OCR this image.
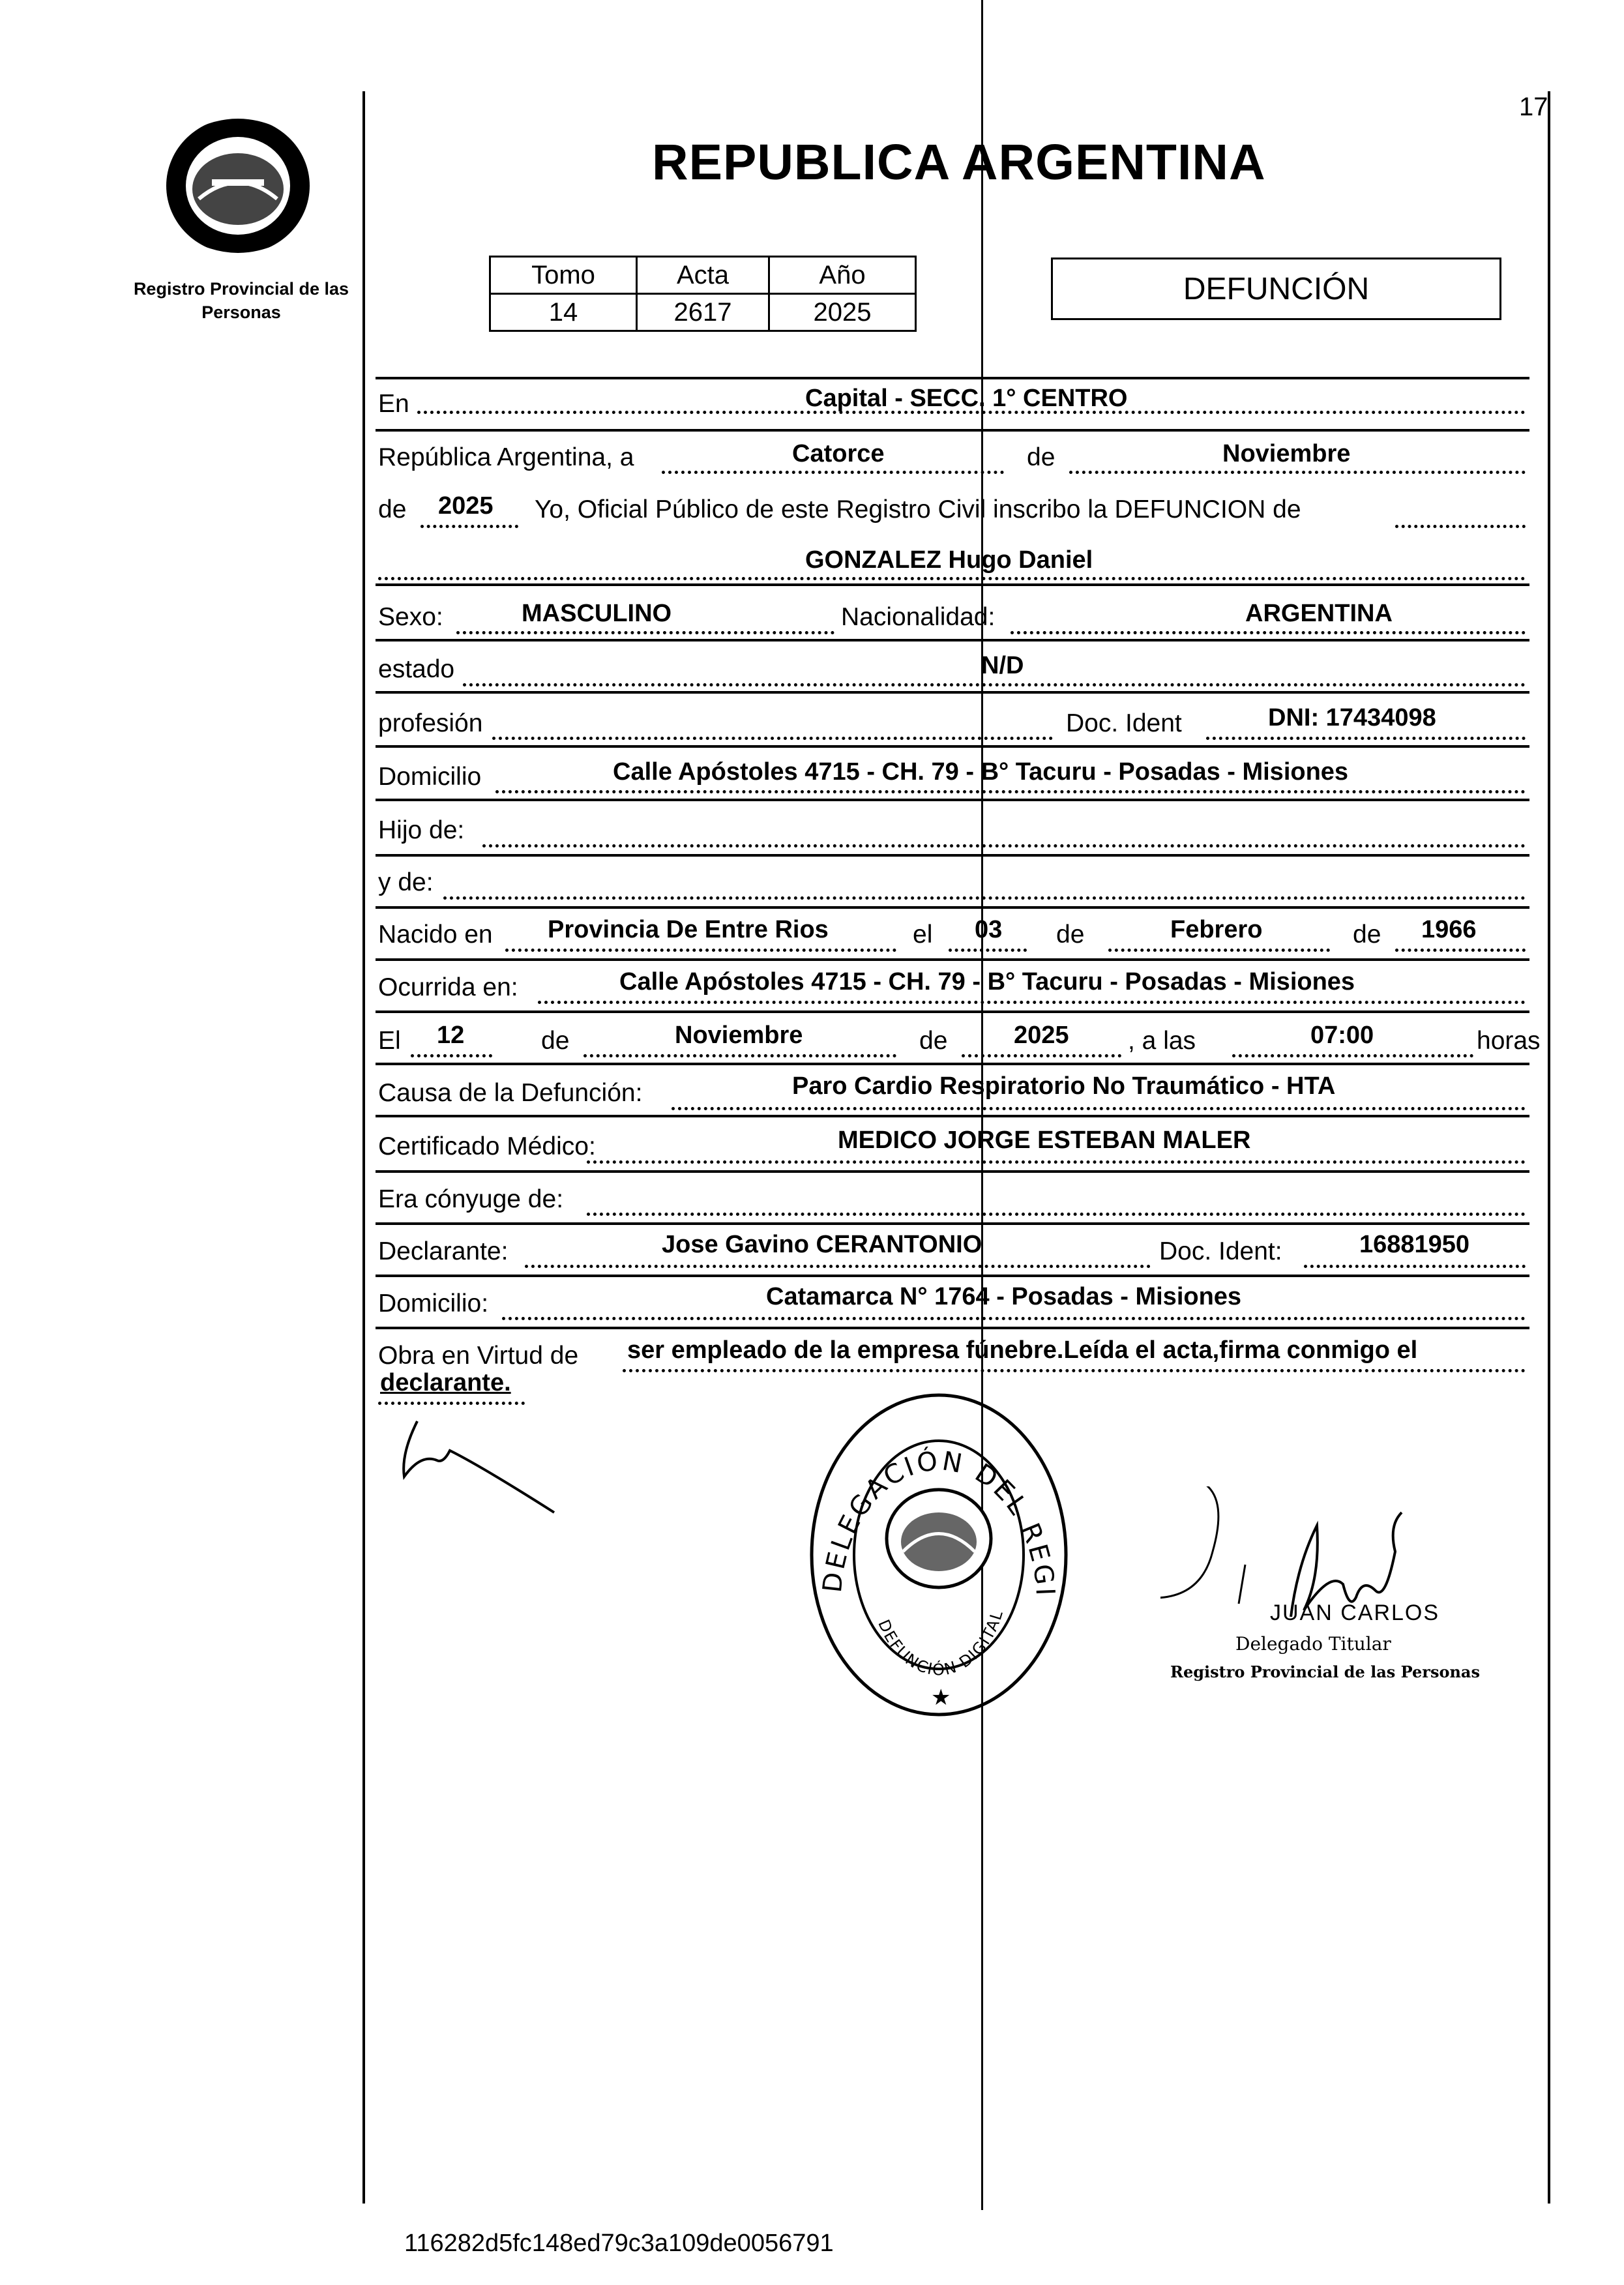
Registro Provincial de las Personas
17
REPUBLICA ARGENTINA
Tomo	Acta	Año
14	2617	2025
DEFUNCIÓN
En	Capital - SECC. 1° CENTRO
República Argentina, a	Catorce	de	Noviembre
de 2025 Yo, Oficial Público de este Registro Civil inscribo la DEFUNCION de
GONZALEZ Hugo Daniel
Sexo:	MASCULINO	Nacionalidad:	ARGENTINA
estado	N/D
profesión	Doc. Ident	DNI: 17434098
Domicilio	Calle Apóstoles 4715 - CH. 79 - B° Tacuru - Posadas - Misiones
Hijo de:
y de:
Nacido en Provincia De Entre Rios	el 03 de	Febrero	de 1966
Ocurrida en:	Calle Apóstoles 4715 - CH. 79 - B° Tacuru - Posadas - Misiones
El 12	de	Noviembre	de	2025 , a las	07:00	horas
Causa de la Defunción:	Paro Cardio Respiratorio No Traumático - HTA
Certificado Médico:	MEDICO JORGE ESTEBAN MALER
Era cónyuge de:
Declarante:	Jose Gavino CERANTONIO	Doc. Ident:	16881950
Domicilio:	Catamarca N° 1764 - Posadas - Misiones
Obra en Virtud de ser empleado de la empresa fúnebre.Leída el acta,firma conmigo el
declarante.
DELEGACIÓN DEL REGI
DEFUNCIÓN DIGITAL
★
JUAN CARLOS
Delegado Titular
Registro Provincial de las Personas
116282d5fc148ed79c3a109de0056791
